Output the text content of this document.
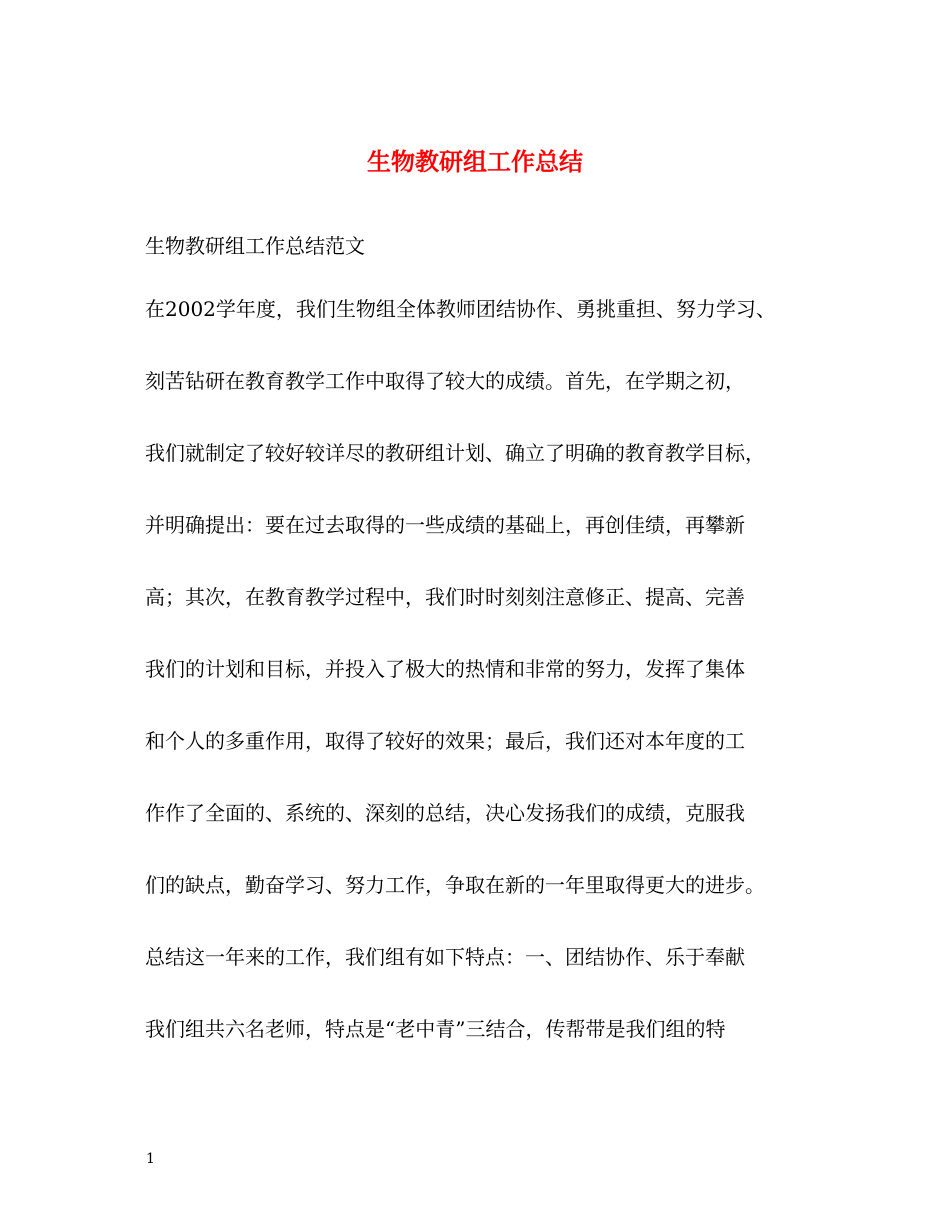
生物教研组工作总结

生物教研组工作总结范文

在2002学年度，我们生物组全体教师团结协作、勇挑重担、努力学习、

刻苦钻研在教育教学工作中取得了较大的成绩。首先，在学期之初，

我们就制定了较好较详尽的教研组计划、确立了明确的教育教学目标，

并明确提出：要在过去取得的一些成绩的基础上，再创佳绩，再攀新

高；其次，在教育教学过程中，我们时时刻刻注意修正、提高、完善

我们的计划和目标，并投入了极大的热情和非常的努力，发挥了集体

和个人的多重作用，取得了较好的效果；最后，我们还对本年度的工

作作了全面的、系统的、深刻的总结，决心发扬我们的成绩，克服我

们的缺点，勤奋学习、努力工作，争取在新的一年里取得更大的进步。

总结这一年来的工作，我们组有如下特点：一、团结协作、乐于奉献

我们组共六名老师，特点是“老中青”三结合，传帮带是我们组的特

1
